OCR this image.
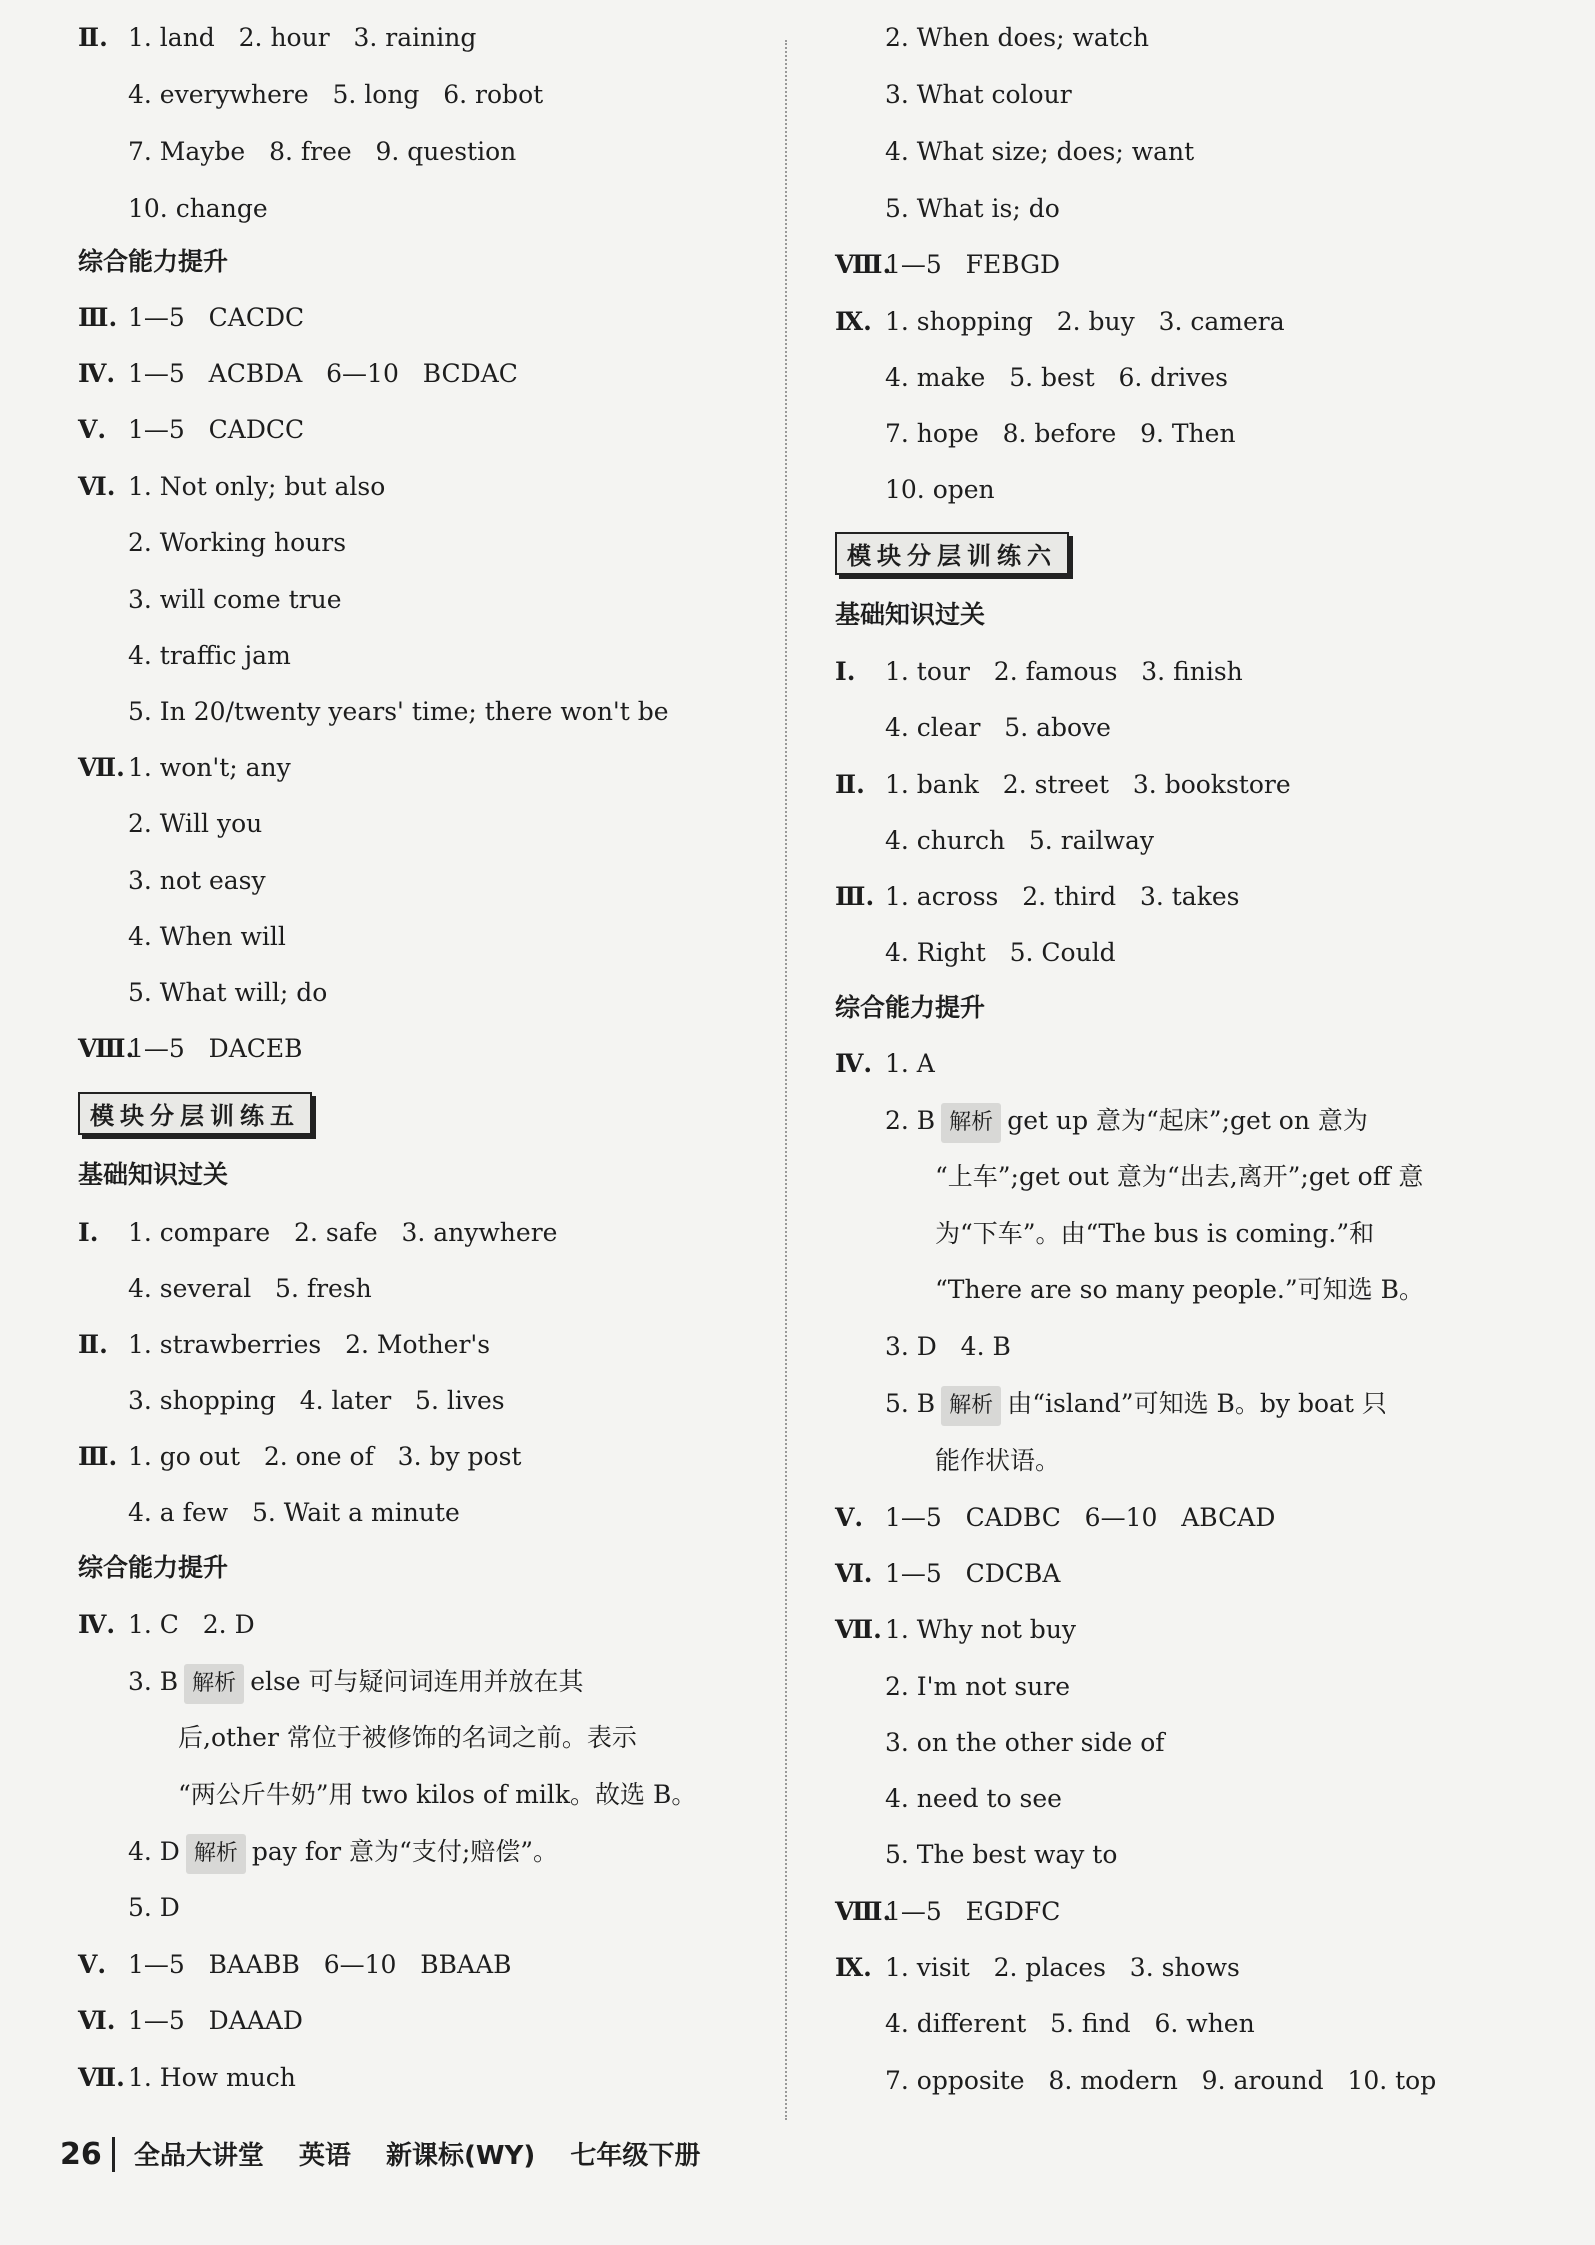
Ⅱ. 1. land   2. hour   3. raining
4. everywhere   5. long   6. robot
7. Maybe   8. free   9. question
10. change
综合能力提升
Ⅲ. 1—5   CACDC
Ⅳ. 1—5   ACBDA   6—10   BCDAC
Ⅴ. 1—5   CADCC
Ⅵ. 1. Not only; but also
2. Working hours
3. will come true
4. traffic jam
5. In 20/twenty years' time; there won't be
Ⅶ. 1. won't; any
2. Will you
3. not easy
4. When will
5. What will; do
Ⅷ.1—5   DACEB
模块分层训练五
基础知识过关
Ⅰ. 1. compare   2. safe   3. anywhere
4. several   5. fresh
Ⅱ. 1. strawberries   2. Mother's
3. shopping   4. later   5. lives
Ⅲ. 1. go out   2. one of   3. by post
4. a few   5. Wait a minute
综合能力提升
Ⅳ. 1. C   2. D
3. B 解析 else 可与疑问词连用并放在其
后,other 常位于被修饰的名词之前。表示
“两公斤牛奶”用 two kilos of milk。故选 B。
4. D 解析 pay for 意为“支付;赔偿”。
5. D
Ⅴ. 1—5   BAABB   6—10   BBAAB
Ⅵ. 1—5   DAAAD
Ⅶ. 1. How much
2. When does; watch
3. What colour
4. What size; does; want
5. What is; do
Ⅷ.1—5   FEBGD
Ⅸ. 1. shopping   2. buy   3. camera
4. make   5. best   6. drives
7. hope   8. before   9. Then
10. open
模块分层训练六
基础知识过关
Ⅰ. 1. tour   2. famous   3. finish
4. clear   5. above
Ⅱ. 1. bank   2. street   3. bookstore
4. church   5. railway
Ⅲ. 1. across   2. third   3. takes
4. Right   5. Could
综合能力提升
Ⅳ. 1. A
2. B 解析 get up 意为“起床”;get on 意为
“上车”;get out 意为“出去,离开”;get off 意
为“下车”。由“The bus is coming.”和
“There are so many people.”可知选 B。
3. D   4. B
5. B 解析 由“island”可知选 B。by boat 只
能作状语。
Ⅴ. 1—5   CADBC   6—10   ABCAD
Ⅵ. 1—5   CDCBA
Ⅶ. 1. Why not buy
2. I'm not sure
3. on the other side of
4. need to see
5. The best way to
Ⅷ.1—5   EGDFC
Ⅸ. 1. visit   2. places   3. shows
4. different   5. find   6. when
7. opposite   8. modern   9. around   10. top
26 全品大讲堂 英语 新课标(WY) 七年级下册
